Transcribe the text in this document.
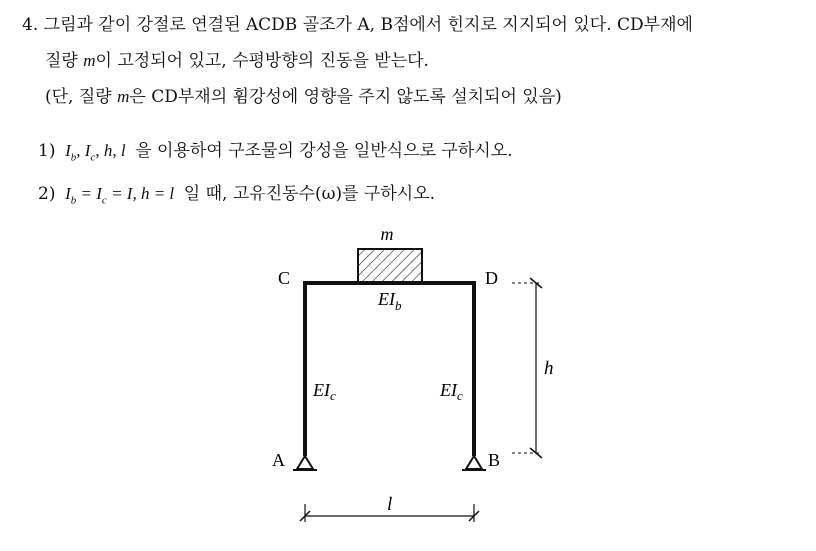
4. 그림과 같이 강절로 연결된 ACDB 골조가 A, B점에서 힌지로 지지되어 있다. CD부재에
질량 m이 고정되어 있고, 수평방향의 진동을 받는다.
(단, 질량 m은 CD부재의 휨강성에 영향을 주지 않도록 설치되어 있음)
1)  $I_b$, $I_c$, h, l  을 이용하여 구조물의 강성을 일반식으로 구하시오.
2)  $I_b = I_c = I$, h = l  일 때, 고유진동수(ω)를 구하시오.
m
C	D
A	B
$EI_b$
$EI_c$	$EI_c$
h
l
